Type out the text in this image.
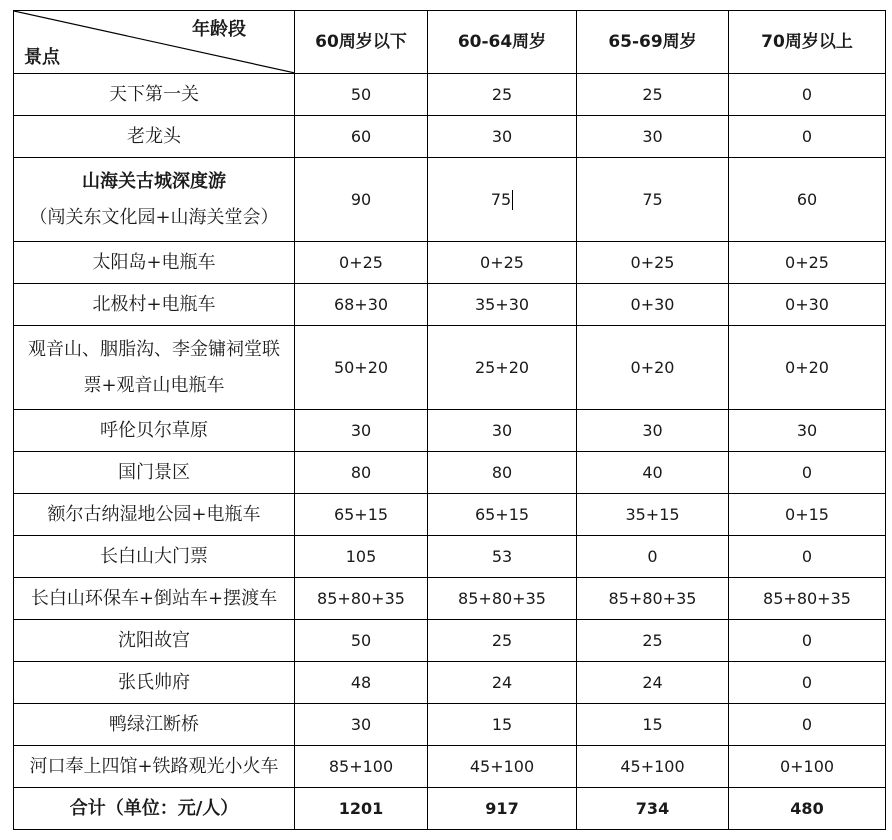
年龄段
景点	60周岁以下	60-64周岁	65-69周岁	70周岁以上
天下第一关	50	25	25	0
老龙头	60	30	30	0

山海关古城深度游
（闯关东文化园+山海关堂会）	90	75	75	60
太阳岛+电瓶车	0+25	0+25	0+25	0+25
北极村+电瓶车	68+30	35+30	0+30	0+30

观音山、胭脂沟、李金镛祠堂联
票+观音山电瓶车	50+20	25+20	0+20	0+20
呼伦贝尔草原	30	30	30	30
国门景区	80	80	40	0
额尔古纳湿地公园+电瓶车	65+15	65+15	35+15	0+15
长白山大门票	105	53	0	0
长白山环保车+倒站车+摆渡车	85+80+35	85+80+35	85+80+35	85+80+35
沈阳故宫	50	25	25	0
张氏帅府	48	24	24	0
鸭绿江断桥	30	15	15	0
河口奉上四馆+铁路观光小火车	85+100	45+100	45+100	0+100
合计（单位：元/人）	1201	917	734	480
